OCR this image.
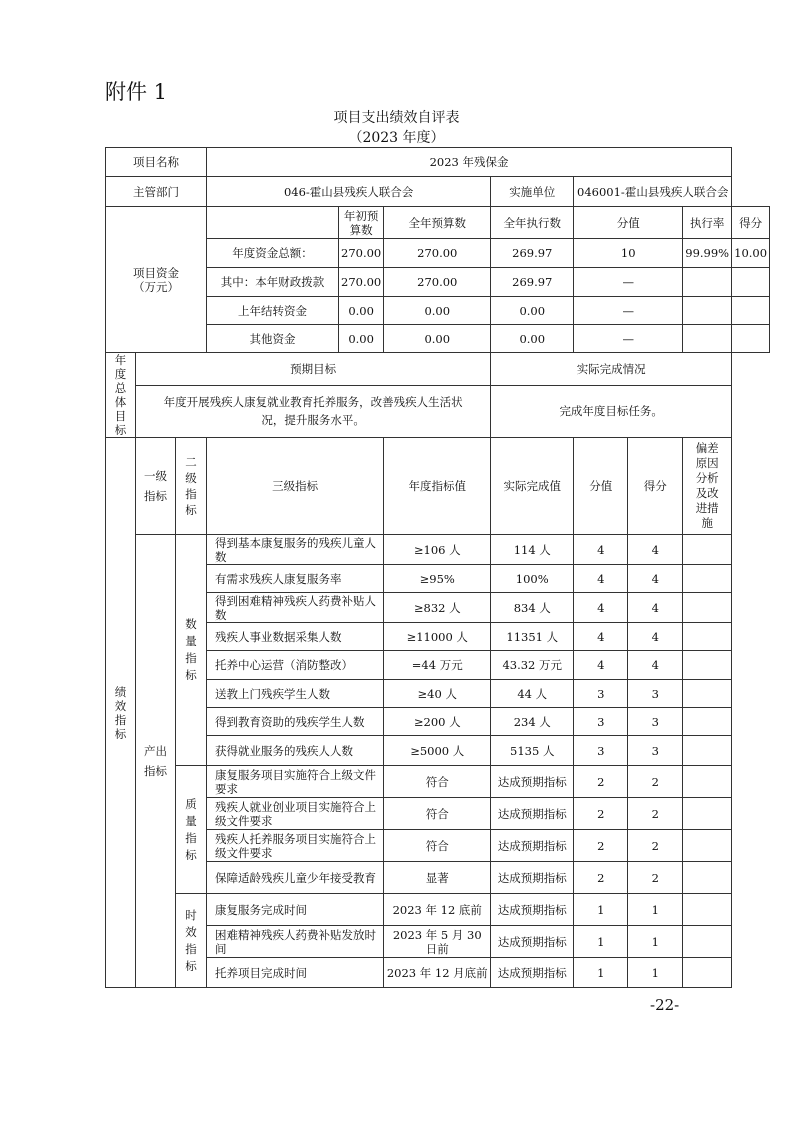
附件 1
项目支出绩效自评表
（2023 年度）
项目名称			2023 年残保金							
主管部门			046-霍山县残疾人联合会			实施单位	046001-霍山县残疾人联合会			
项目资金（万元）				年初预算数	全年预算数	全年执行数	分值		执行率	得分
			年度资金总额：	270.00	270.00	269.97	10		99.99%	10.00
			其中：本年财政拨款	270.00	270.00	269.97	—			
			上年结转资金	0.00	0.00	0.00	—			
			其他资金	0.00	0.00	0.00	—			
年度总体目标	预期目标					实际完成情况				
	年度开展残疾人康复就业教育托养服务，改善残疾人生活状况，提升服务水平。					完成年度目标任务。				
绩效指标	一级指标	二级指标	三级指标		年度指标值	实际完成值	分值	得分	偏差原因分析及改进措施	
	产出指标	数量指标	得到基本康复服务的残疾儿童人数		≥106 人	114 人	4	4		
			有需求残疾人康复服务率		≥95%	100%	4	4		
			得到困难精神残疾人药费补贴人数		≥832 人	834 人	4	4		
			残疾人事业数据采集人数		≥11000 人	11351 人	4	4		
			托养中心运营（消防整改）		=44 万元	43.32 万元	4	4		
			送教上门残疾学生人数		≥40 人	44 人	3	3		
			得到教育资助的残疾学生人数		≥200 人	234 人	3	3		
			获得就业服务的残疾人人数		≥5000 人	5135 人	3	3		
		质量指标	康复服务项目实施符合上级文件要求		符合	达成预期指标	2	2		
			残疾人就业创业项目实施符合上级文件要求		符合	达成预期指标	2	2		
			残疾人托养服务项目实施符合上级文件要求		符合	达成预期指标	2	2		
			保障适龄残疾儿童少年接受教育		显著	达成预期指标	2	2		
		时效指标	康复服务完成时间		2023 年 12 底前	达成预期指标	1	1		
			困难精神残疾人药费补贴发放时间		2023 年 5 月 30 日前	达成预期指标	1	1		
			托养项目完成时间		2023 年 12 月底前	达成预期指标	1	1		
-22-
